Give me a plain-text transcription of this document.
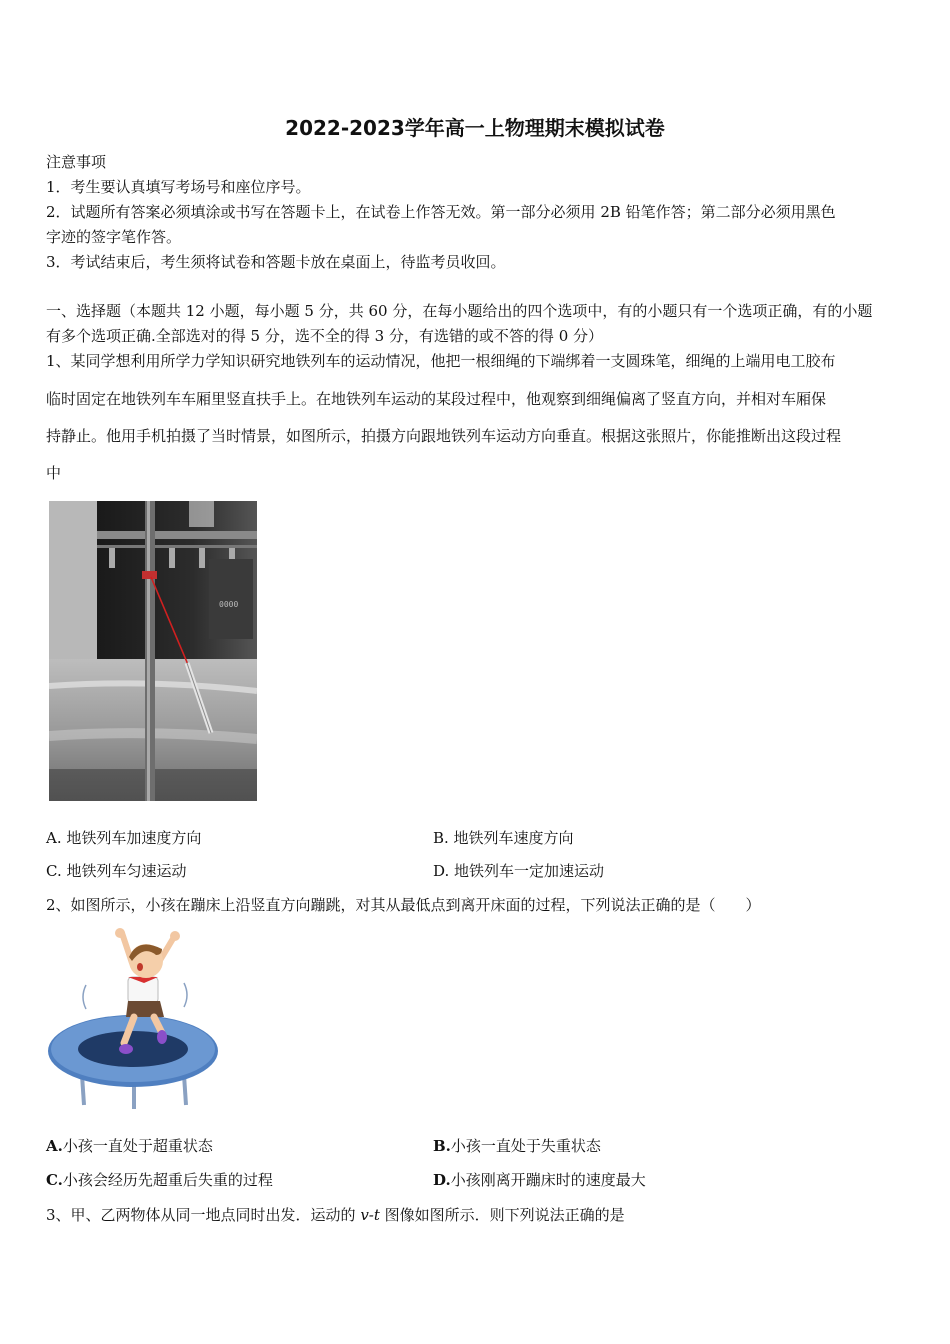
2022-2023学年高一上物理期末模拟试卷
注意事项
1．考生要认真填写考场号和座位序号。
2．试题所有答案必须填涂或书写在答题卡上，在试卷上作答无效。第一部分必须用 2B 铅笔作答；第二部分必须用黑色
字迹的签字笔作答。
3．考试结束后，考生须将试卷和答题卡放在桌面上，待监考员收回。
一、选择题（本题共 12 小题，每小题 5 分，共 60 分，在每小题给出的四个选项中，有的小题只有一个选项正确，有的小题
有多个选项正确.全部选对的得 5 分，选不全的得 3 分，有选错的或不答的得 0 分）
1、某同学想利用所学力学知识研究地铁列车的运动情况，他把一根细绳的下端绑着一支圆珠笔，细绳的上端用电工胶布
临时固定在地铁列车车厢里竖直扶手上。在地铁列车运动的某段过程中，他观察到细绳偏离了竖直方向，并相对车厢保
持静止。他用手机拍摄了当时情景，如图所示，拍摄方向跟地铁列车运动方向垂直。根据这张照片，你能推断出这段过程
中
0000
A. 地铁列车加速度方向	B. 地铁列车速度方向
C. 地铁列车匀速运动	D. 地铁列车一定加速运动
2、如图所示，小孩在蹦床上沿竖直方向蹦跳，对其从最低点到离开床面的过程，下列说法正确的是（　　）
A.小孩一直处于超重状态	B.小孩一直处于失重状态
C.小孩会经历先超重后失重的过程	D.小孩刚离开蹦床时的速度最大
3、甲、乙两物体从同一地点同时出发．运动的 v-t 图像如图所示．则下列说法正确的是
